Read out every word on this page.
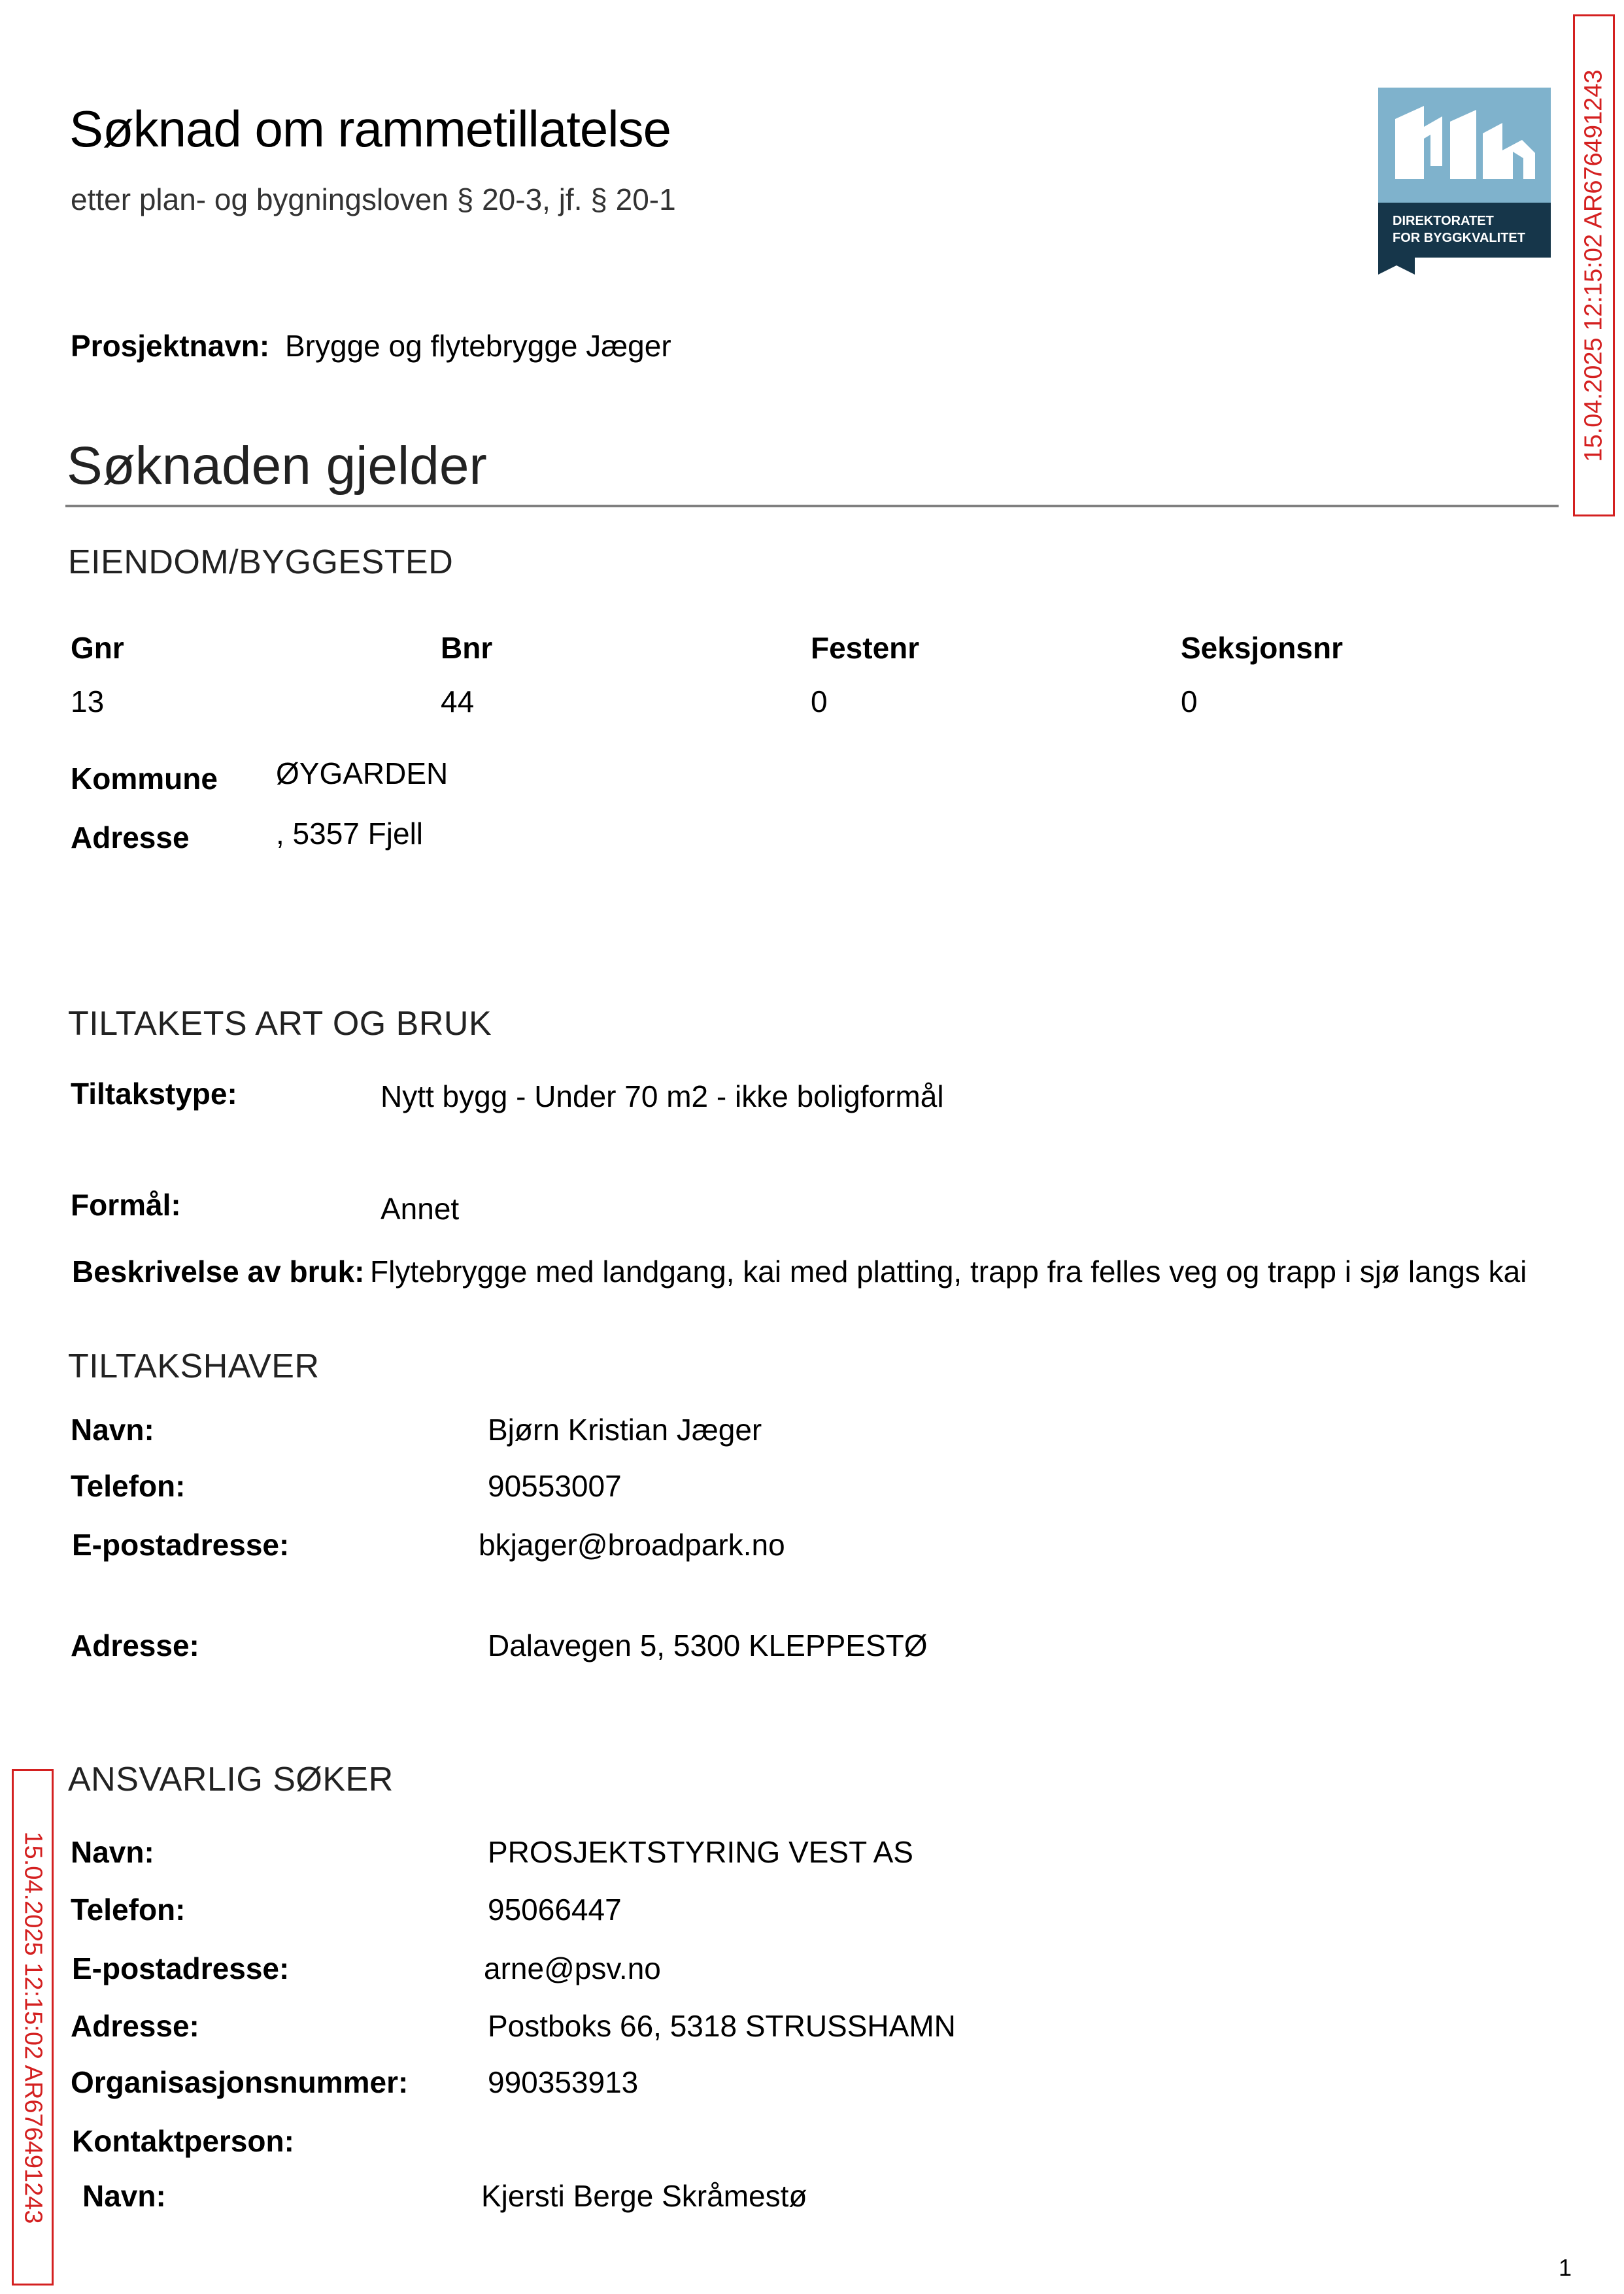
Søknad om rammetillatelse
etter plan- og bygningsloven § 20-3, jf. § 20-1
Prosjektnavn: Brygge og flytebrygge Jæger
DIREKTORATET
FOR BYGGKVALITET 15.04.2025 12:15:02 AR676491243
15.04.2025 12:15:02 AR676491243
Søknaden gjelder
EIENDOM/BYGGESTED
Gnr	Bnr	Festenr	Seksjonsnr
13	44	0	0
Kommune ØYGARDEN
Adresse	, 5357 Fjell
TILTAKETS ART OG BRUK
Tiltakstype:	Nytt bygg - Under 70 m2 - ikke boligformål
Formål:	Annet
Beskrivelse av bruk: Flytebrygge med landgang, kai med platting, trapp fra felles veg og trapp i sjø langs kai
TILTAKSHAVER
Navn:	Bjørn Kristian Jæger
Telefon:	90553007
E-postadresse:	bkjager@broadpark.no
Adresse:	Dalavegen 5, 5300 KLEPPESTØ
ANSVARLIG SØKER
Navn:	PROSJEKTSTYRING VEST AS
Telefon:	95066447
E-postadresse:	arne@psv.no
Adresse:	Postboks 66, 5318 STRUSSHAMN
Organisasjonsnummer:	990353913
Kontaktperson:
Navn:	Kjersti Berge Skråmestø
1
